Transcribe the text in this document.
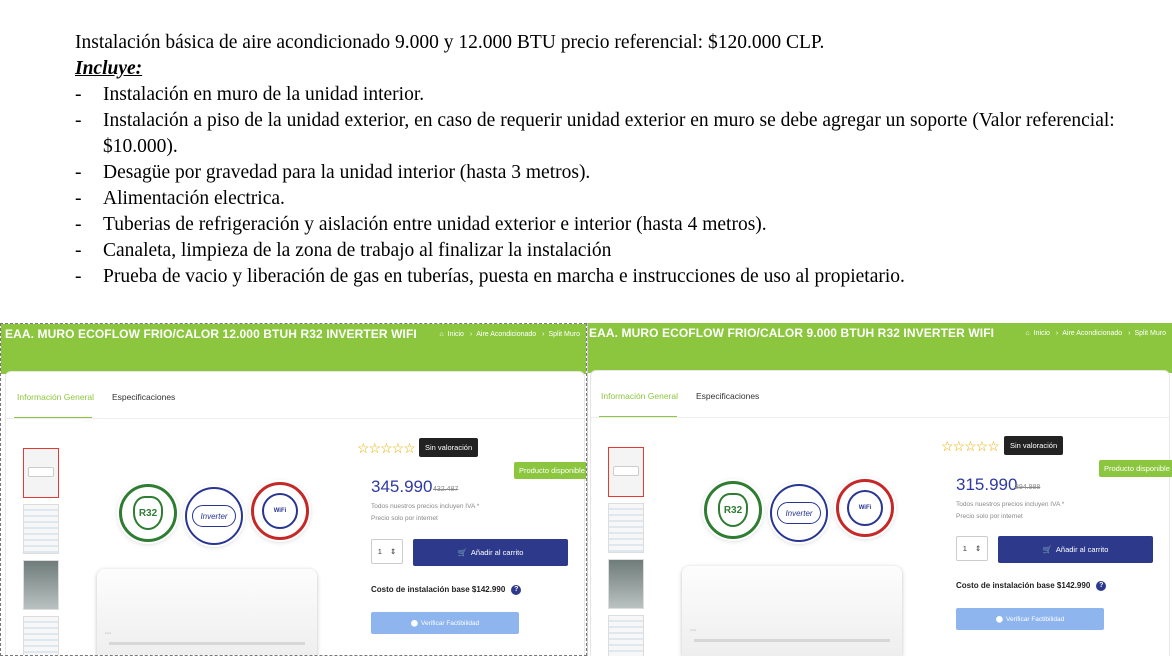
Instalación básica de aire acondicionado 9.000 y 12.000 BTU precio referencial: $120.000 CLP.
Incluye:
- Instalación en muro de la unidad interior.
- Instalación a piso de la unidad exterior, en caso de requerir unidad exterior en muro se debe agregar un soporte (Valor referencial: $10.000).
- Desagüe por gravedad para la unidad interior (hasta 3 metros).
- Alimentación electrica.
- Tuberias de refrigeración y aislación entre unidad exterior e interior (hasta 4 metros).
- Canaleta, limpieza de la zona de trabajo al finalizar la instalación
- Prueba de vacio y liberación de gas en tuberías, puesta en marcha e instrucciones de uso al propietario.
EAA. MURO ECOFLOW FRIO/CALOR 12.000 BTUH R32 INVERTER WIFI	⌂ Inicio › Aire Acondicionado › Split Muro
Información General Especificaciones
R32	Inverter
WiFi
◦◦◦
☆☆☆☆☆	Sin valoración
Producto disponible
345.990 432.487
Todos nuestros precios incluyen IVA *
Precio solo por internet
1 ⇕	🛒 Añadir al carrito
Costo de instalación base $142.990 ?
⬤ Verificar Factibilidad
EAA. MURO ECOFLOW FRIO/CALOR 9.000 BTUH R32 INVERTER WIFI	⌂ Inicio › Aire Acondicionado › Split Muro
Información General Especificaciones
R32	Inverter
WiFi
◦◦◦
☆☆☆☆☆	Sin valoración
Producto disponible
315.990
394.988
Todos nuestros precios incluyen IVA *
Precio solo por internet
1 ⇕	🛒 Añadir al carrito
Costo de instalación base $142.990 ?
⬤ Verificar Factibilidad
